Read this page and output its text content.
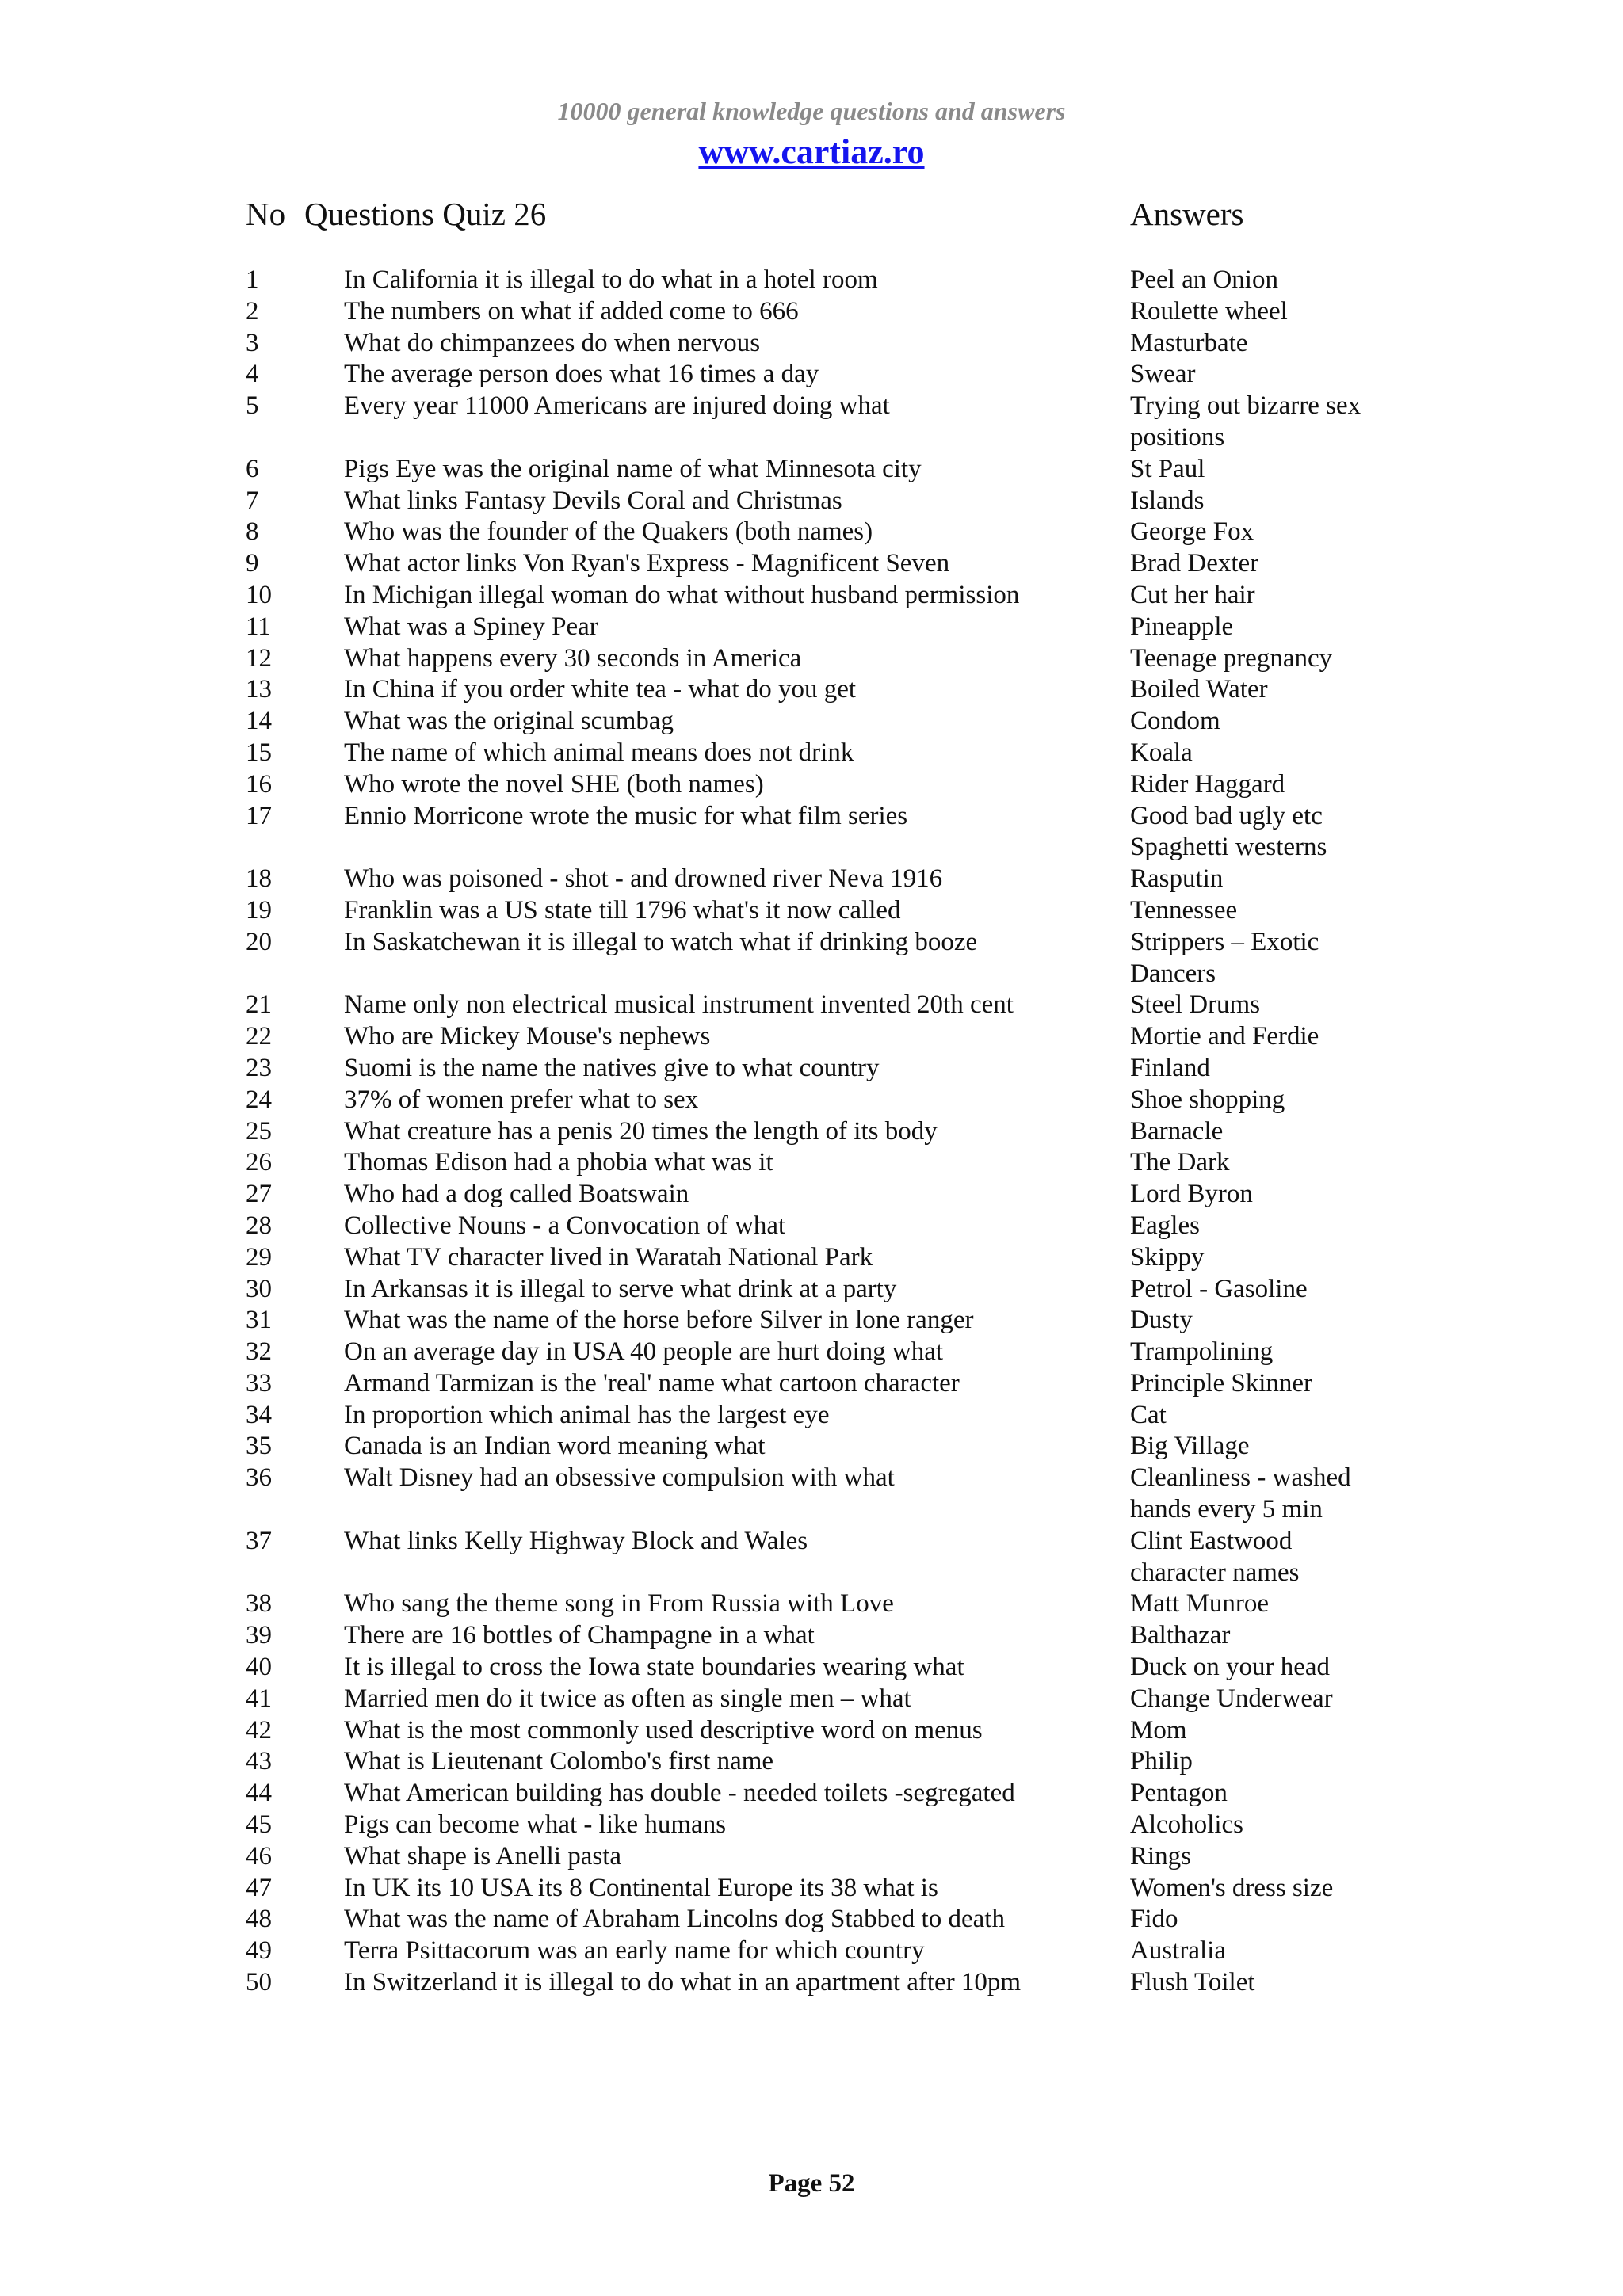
10000 general knowledge questions and answers
www.cartiaz.ro
No Questions Quiz 26	Answers
1	In California it is illegal to do what in a hotel room	Peel an Onion
2	The numbers on what if added come to 666	Roulette wheel
3	What do chimpanzees do when nervous	Masturbate
4	The average person does what 16 times a day	Swear
5	Every year 11000 Americans are injured doing what	Trying out bizarre sex positions
6	Pigs Eye was the original name of what Minnesota city	St Paul
7	What links Fantasy Devils Coral and Christmas	Islands
8	Who was the founder of the Quakers (both names)	George Fox
9	What actor links Von Ryan's Express - Magnificent Seven	Brad Dexter
10	In Michigan illegal woman do what without husband permission	Cut her hair
11	What was a Spiney Pear	Pineapple
12	What happens every 30 seconds in America	Teenage pregnancy
13	In China if you order white tea - what do you get	Boiled Water
14	What was the original scumbag	Condom
15	The name of which animal means does not drink	Koala
16	Who wrote the novel SHE (both names)	Rider Haggard
17	Ennio Morricone wrote the music for what film series	Good bad ugly etc Spaghetti westerns
18	Who was poisoned - shot - and drowned river Neva 1916	Rasputin
19	Franklin was a US state till 1796 what's it now called	Tennessee
20	In Saskatchewan it is illegal to watch what if drinking booze	Strippers – Exotic Dancers
21	Name only non electrical musical instrument invented 20th cent	Steel Drums
22	Who are Mickey Mouse's nephews	Mortie and Ferdie
23	Suomi is the name the natives give to what country	Finland
24	37% of women prefer what to sex	Shoe shopping
25	What creature has a penis 20 times the length of its body	Barnacle
26	Thomas Edison had a phobia what was it	The Dark
27	Who had a dog called Boatswain	Lord Byron
28	Collective Nouns - a Convocation of what	Eagles
29	What TV character lived in Waratah National Park	Skippy
30	In Arkansas it is illegal to serve what drink at a party	Petrol - Gasoline
31	What was the name of the horse before Silver in lone ranger	Dusty
32	On an average day in USA 40 people are hurt doing what	Trampolining
33	Armand Tarmizan is the 'real' name what cartoon character	Principle Skinner
34	In proportion which animal has the largest eye	Cat
35	Canada is an Indian word meaning what	Big Village
36	Walt Disney had an obsessive compulsion with what	Cleanliness - washed hands every 5 min
37	What links Kelly Highway Block and Wales	Clint Eastwood character names
38	Who sang the theme song in From Russia with Love	Matt Munroe
39	There are 16 bottles of Champagne in a what	Balthazar
40	It is illegal to cross the Iowa state boundaries wearing what	Duck on your head
41	Married men do it twice as often as single men – what	Change Underwear
42	What is the most commonly used descriptive word on menus	Mom
43	What is Lieutenant Colombo's first name	Philip
44	What American building has double - needed toilets -segregated	Pentagon
45	Pigs can become what - like humans	Alcoholics
46	What shape is Anelli pasta	Rings
47	In UK its 10 USA its 8 Continental Europe its 38 what is	Women's dress size
48	What was the name of Abraham Lincolns dog Stabbed to death	Fido
49	Terra Psittacorum was an early name for which country	Australia
50	In Switzerland it is illegal to do what in an apartment after 10pm	Flush Toilet
Page 52
